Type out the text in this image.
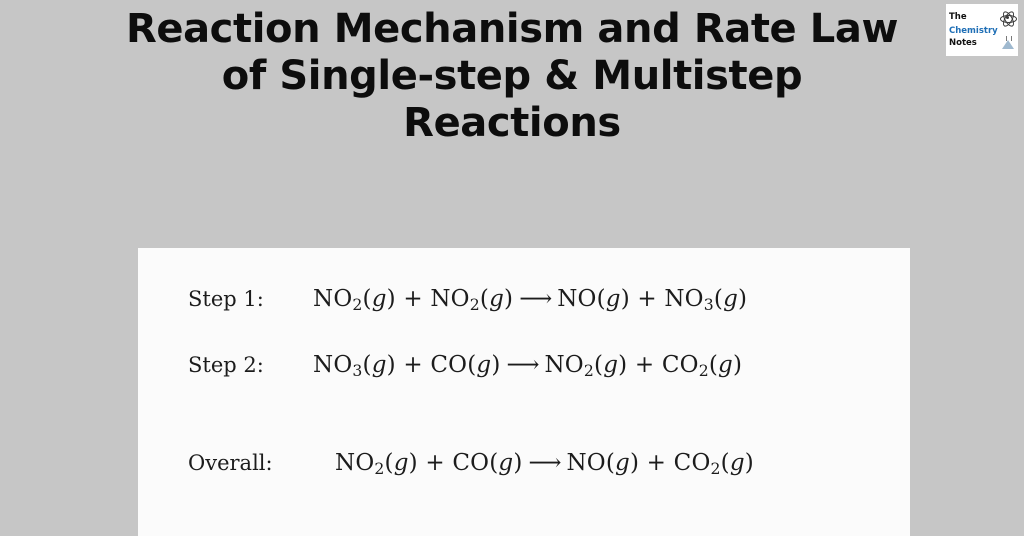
Reaction Mechanism and Rate Law
of Single-step & Multistep
Reactions
The
Chemistry
Notes
Step 1:	$NO_2(g) + NO_2(g)$ ⟶ $NO(g) + NO_3(g)$
Step 2:	$NO_3(g) + CO(g)$ ⟶ $NO_2(g) + CO_2(g)$
Overall:	$NO_2(g) + CO(g)$ ⟶ $NO(g) + CO_2(g)$
